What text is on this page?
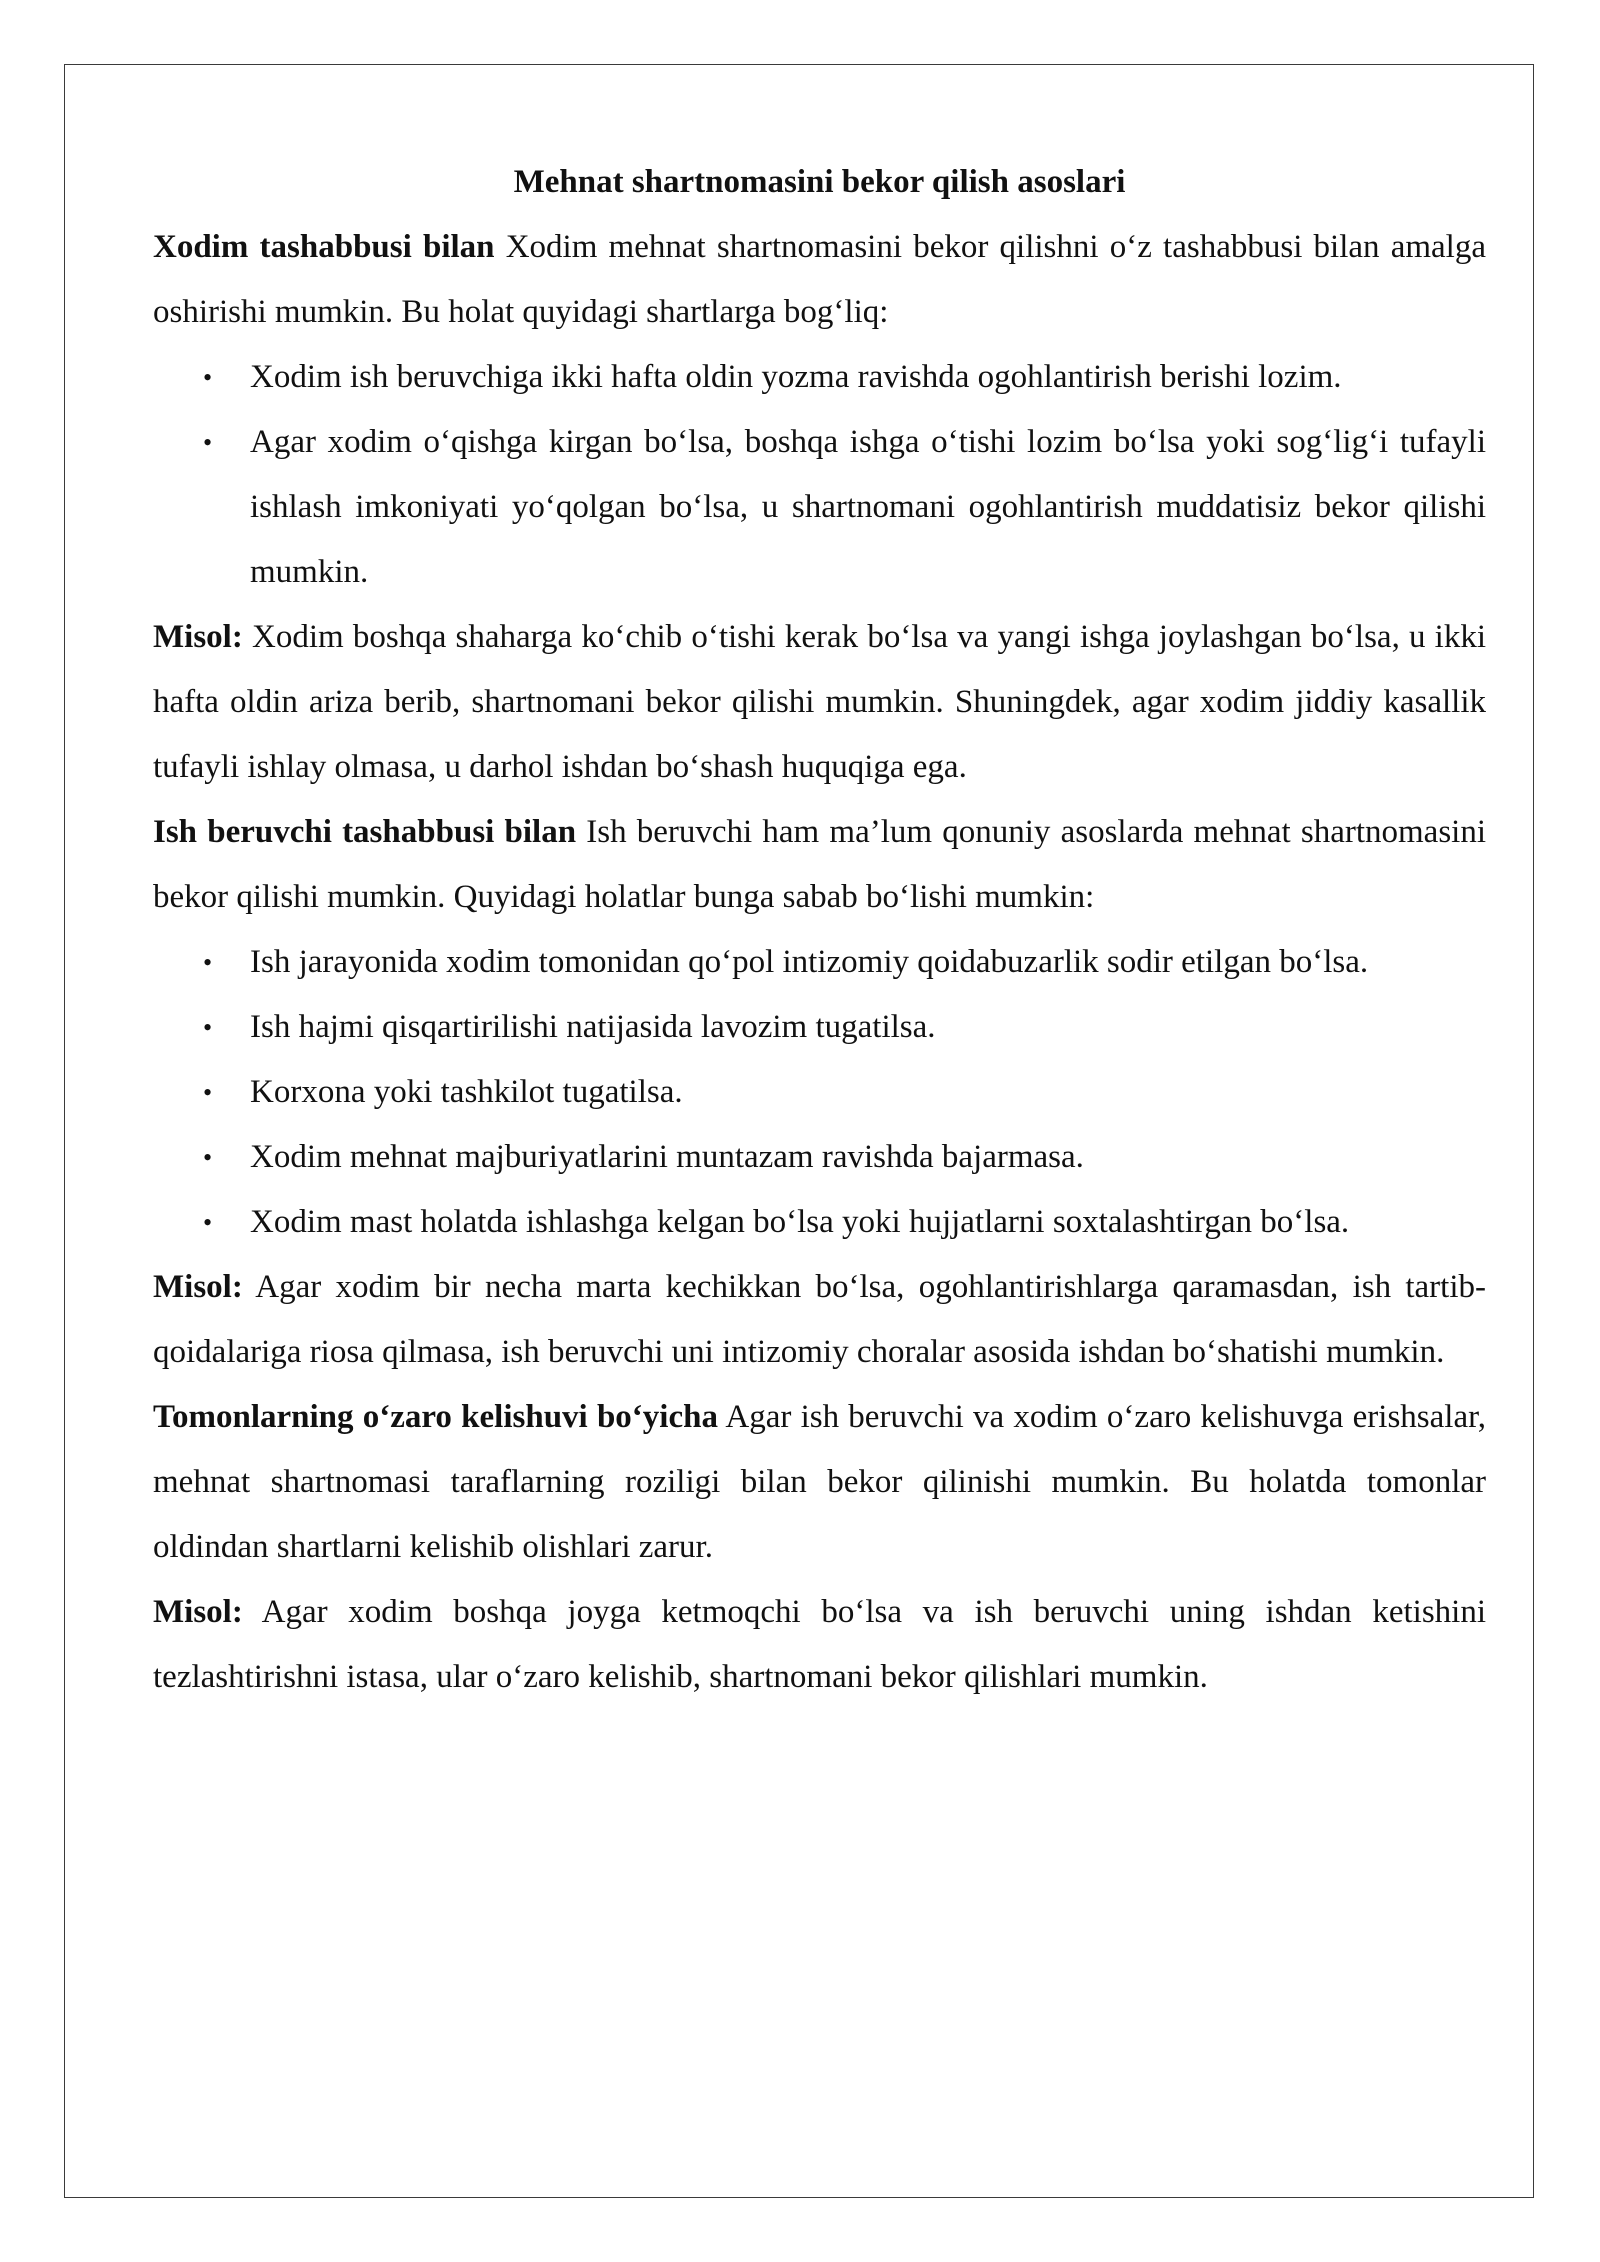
Mehnat shartnomasini bekor qilish asoslari

Xodim tashabbusi bilan Xodim mehnat shartnomasini bekor qilishni o‘z tashabbusi bilan amalga oshirishi mumkin. Bu holat quyidagi shartlarga bog‘liq:

• Xodim ish beruvchiga ikki hafta oldin yozma ravishda ogohlantirish berishi lozim.
• Agar xodim o‘qishga kirgan bo‘lsa, boshqa ishga o‘tishi lozim bo‘lsa yoki sog‘lig‘i tufayli ishlash imkoniyati yo‘qolgan bo‘lsa, u shartnomani ogohlantirish muddatisiz bekor qilishi mumkin.

Misol: Xodim boshqa shaharga ko‘chib o‘tishi kerak bo‘lsa va yangi ishga joylashgan bo‘lsa, u ikki hafta oldin ariza berib, shartnomani bekor qilishi mumkin. Shuningdek, agar xodim jiddiy kasallik tufayli ishlay olmasa, u darhol ishdan bo‘shash huquqiga ega.

Ish beruvchi tashabbusi bilan Ish beruvchi ham ma’lum qonuniy asoslarda mehnat shartnomasini bekor qilishi mumkin. Quyidagi holatlar bunga sabab bo‘lishi mumkin:

• Ish jarayonida xodim tomonidan qo‘pol intizomiy qoidabuzarlik sodir etilgan bo‘lsa.
• Ish hajmi qisqartirilishi natijasida lavozim tugatilsa.
• Korxona yoki tashkilot tugatilsa.
• Xodim mehnat majburiyatlarini muntazam ravishda bajarmasa.
• Xodim mast holatda ishlashga kelgan bo‘lsa yoki hujjatlarni soxtalashtirgan bo‘lsa.

Misol: Agar xodim bir necha marta kechikkan bo‘lsa, ogohlantirishlarga qaramasdan, ish tartib-qoidalariga riosa qilmasa, ish beruvchi uni intizomiy choralar asosida ishdan bo‘shatishi mumkin.

Tomonlarning o‘zaro kelishuvi bo‘yicha Agar ish beruvchi va xodim o‘zaro kelishuvga erishsalar, mehnat shartnomasi taraflarning roziligi bilan bekor qilinishi mumkin. Bu holatda tomonlar oldindan shartlarni kelishib olishlari zarur.

Misol: Agar xodim boshqa joyga ketmoqchi bo‘lsa va ish beruvchi uning ishdan ketishini tezlashtirishni istasa, ular o‘zaro kelishib, shartnomani bekor qilishlari mumkin.
